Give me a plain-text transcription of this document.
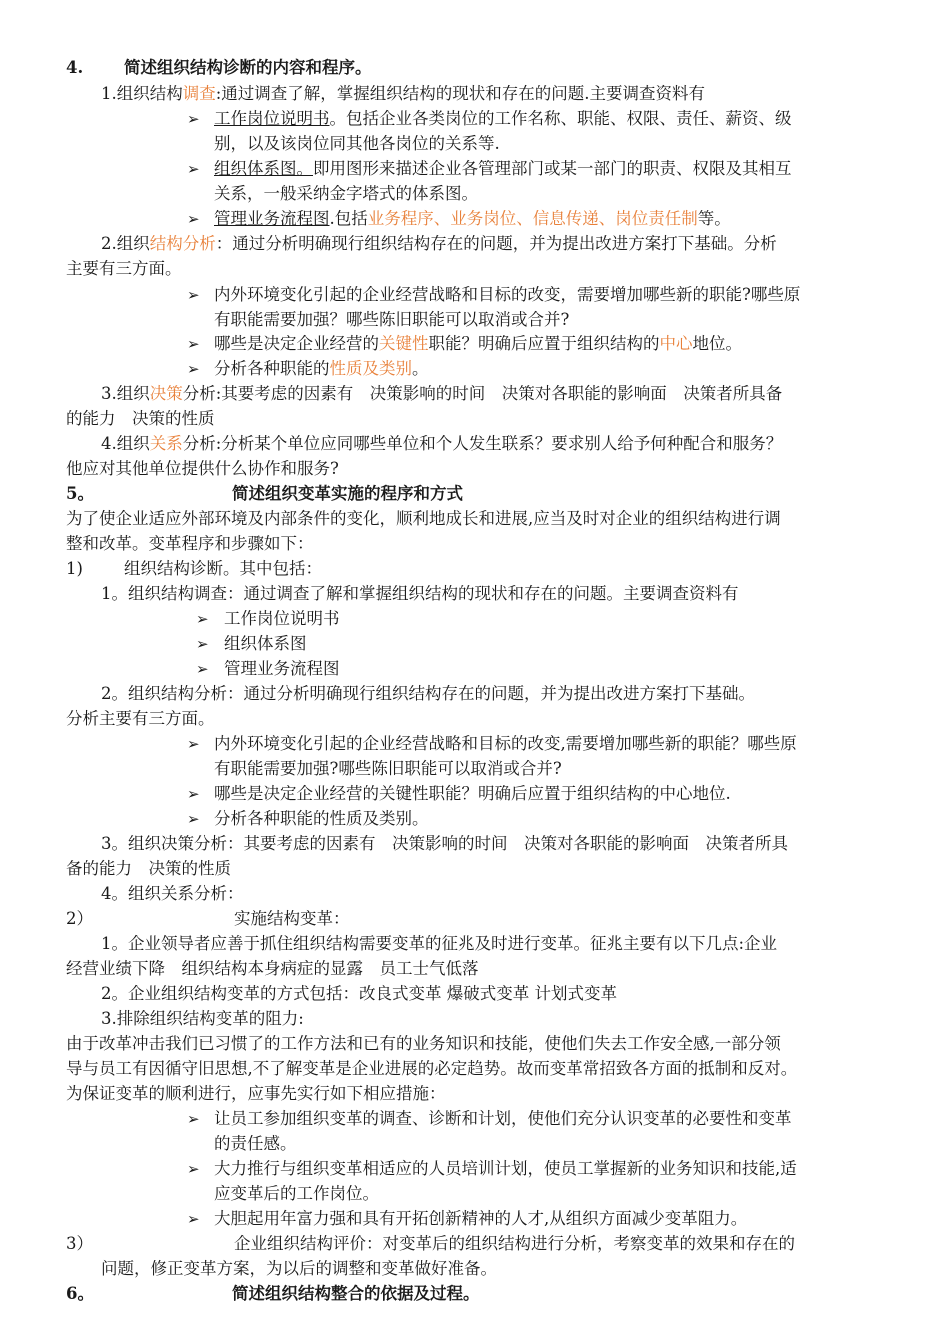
4. 简述组织结构诊断的内容和程序。
1.组织结构调查:通过调查了解，掌握组织结构的现状和存在的问题.主要调查资料有
➢ 工作岗位说明书。包括企业各类岗位的工作名称、职能、权限、责任、薪资、级
别，以及该岗位同其他各岗位的关系等.
➢ 组织体系图。即用图形来描述企业各管理部门或某一部门的职责、权限及其相互
关系，一般采纳金字塔式的体系图。
➢ 管理业务流程图.包括业务程序、业务岗位、信息传递、岗位责任制等。
2.组织结构分析：通过分析明确现行组织结构存在的问题，并为提出改进方案打下基础。分析
主要有三方面。
➢ 内外环境变化引起的企业经营战略和目标的改变，需要增加哪些新的职能?哪些原
有职能需要加强？哪些陈旧职能可以取消或合并?
➢ 哪些是决定企业经营的关键性职能？明确后应置于组织结构的中心地位。
➢ 分析各种职能的性质及类别。
3.组织决策分析:其要考虑的因素有　决策影响的时间　决策对各职能的影响面　决策者所具备
的能力　决策的性质
4.组织关系分析:分析某个单位应同哪些单位和个人发生联系？要求别人给予何种配合和服务？
他应对其他单位提供什么协作和服务?
5。	简述组织变革实施的程序和方式
为了使企业适应外部环境及内部条件的变化，顺利地成长和进展,应当及时对企业的组织结构进行调
整和改革。变革程序和步骤如下：
1) 组织结构诊断。其中包括：
1。组织结构调查：通过调查了解和掌握组织结构的现状和存在的问题。主要调查资料有
➢ 工作岗位说明书
➢ 组织体系图
➢ 管理业务流程图
2。组织结构分析：通过分析明确现行组织结构存在的问题，并为提出改进方案打下基础。
分析主要有三方面。
➢ 内外环境变化引起的企业经营战略和目标的改变,需要增加哪些新的职能？哪些原
有职能需要加强?哪些陈旧职能可以取消或合并?
➢ 哪些是决定企业经营的关键性职能？明确后应置于组织结构的中心地位.
➢ 分析各种职能的性质及类别。
3。组织决策分析：其要考虑的因素有　决策影响的时间　决策对各职能的影响面　决策者所具
备的能力　决策的性质
4。组织关系分析：
2）	实施结构变革：
1。企业领导者应善于抓住组织结构需要变革的征兆及时进行变革。征兆主要有以下几点:企业
经营业绩下降　组织结构本身病症的显露　员工士气低落
2。企业组织结构变革的方式包括：改良式变革 爆破式变革 计划式变革
3.排除组织结构变革的阻力:
由于改革冲击我们已习惯了的工作方法和已有的业务知识和技能，使他们失去工作安全感,一部分领
导与员工有因循守旧思想,不了解变革是企业进展的必定趋势。故而变革常招致各方面的抵制和反对。
为保证变革的顺利进行，应事先实行如下相应措施：
➢ 让员工参加组织变革的调查、诊断和计划，使他们充分认识变革的必要性和变革
的责任感。
➢ 大力推行与组织变革相适应的人员培训计划，使员工掌握新的业务知识和技能,适
应变革后的工作岗位。
➢ 大胆起用年富力强和具有开拓创新精神的人才,从组织方面减少变革阻力。
3）	企业组织结构评价：对变革后的组织结构进行分析，考察变革的效果和存在的
问题，修正变革方案，为以后的调整和变革做好准备。
6。	简述组织结构整合的依据及过程。
